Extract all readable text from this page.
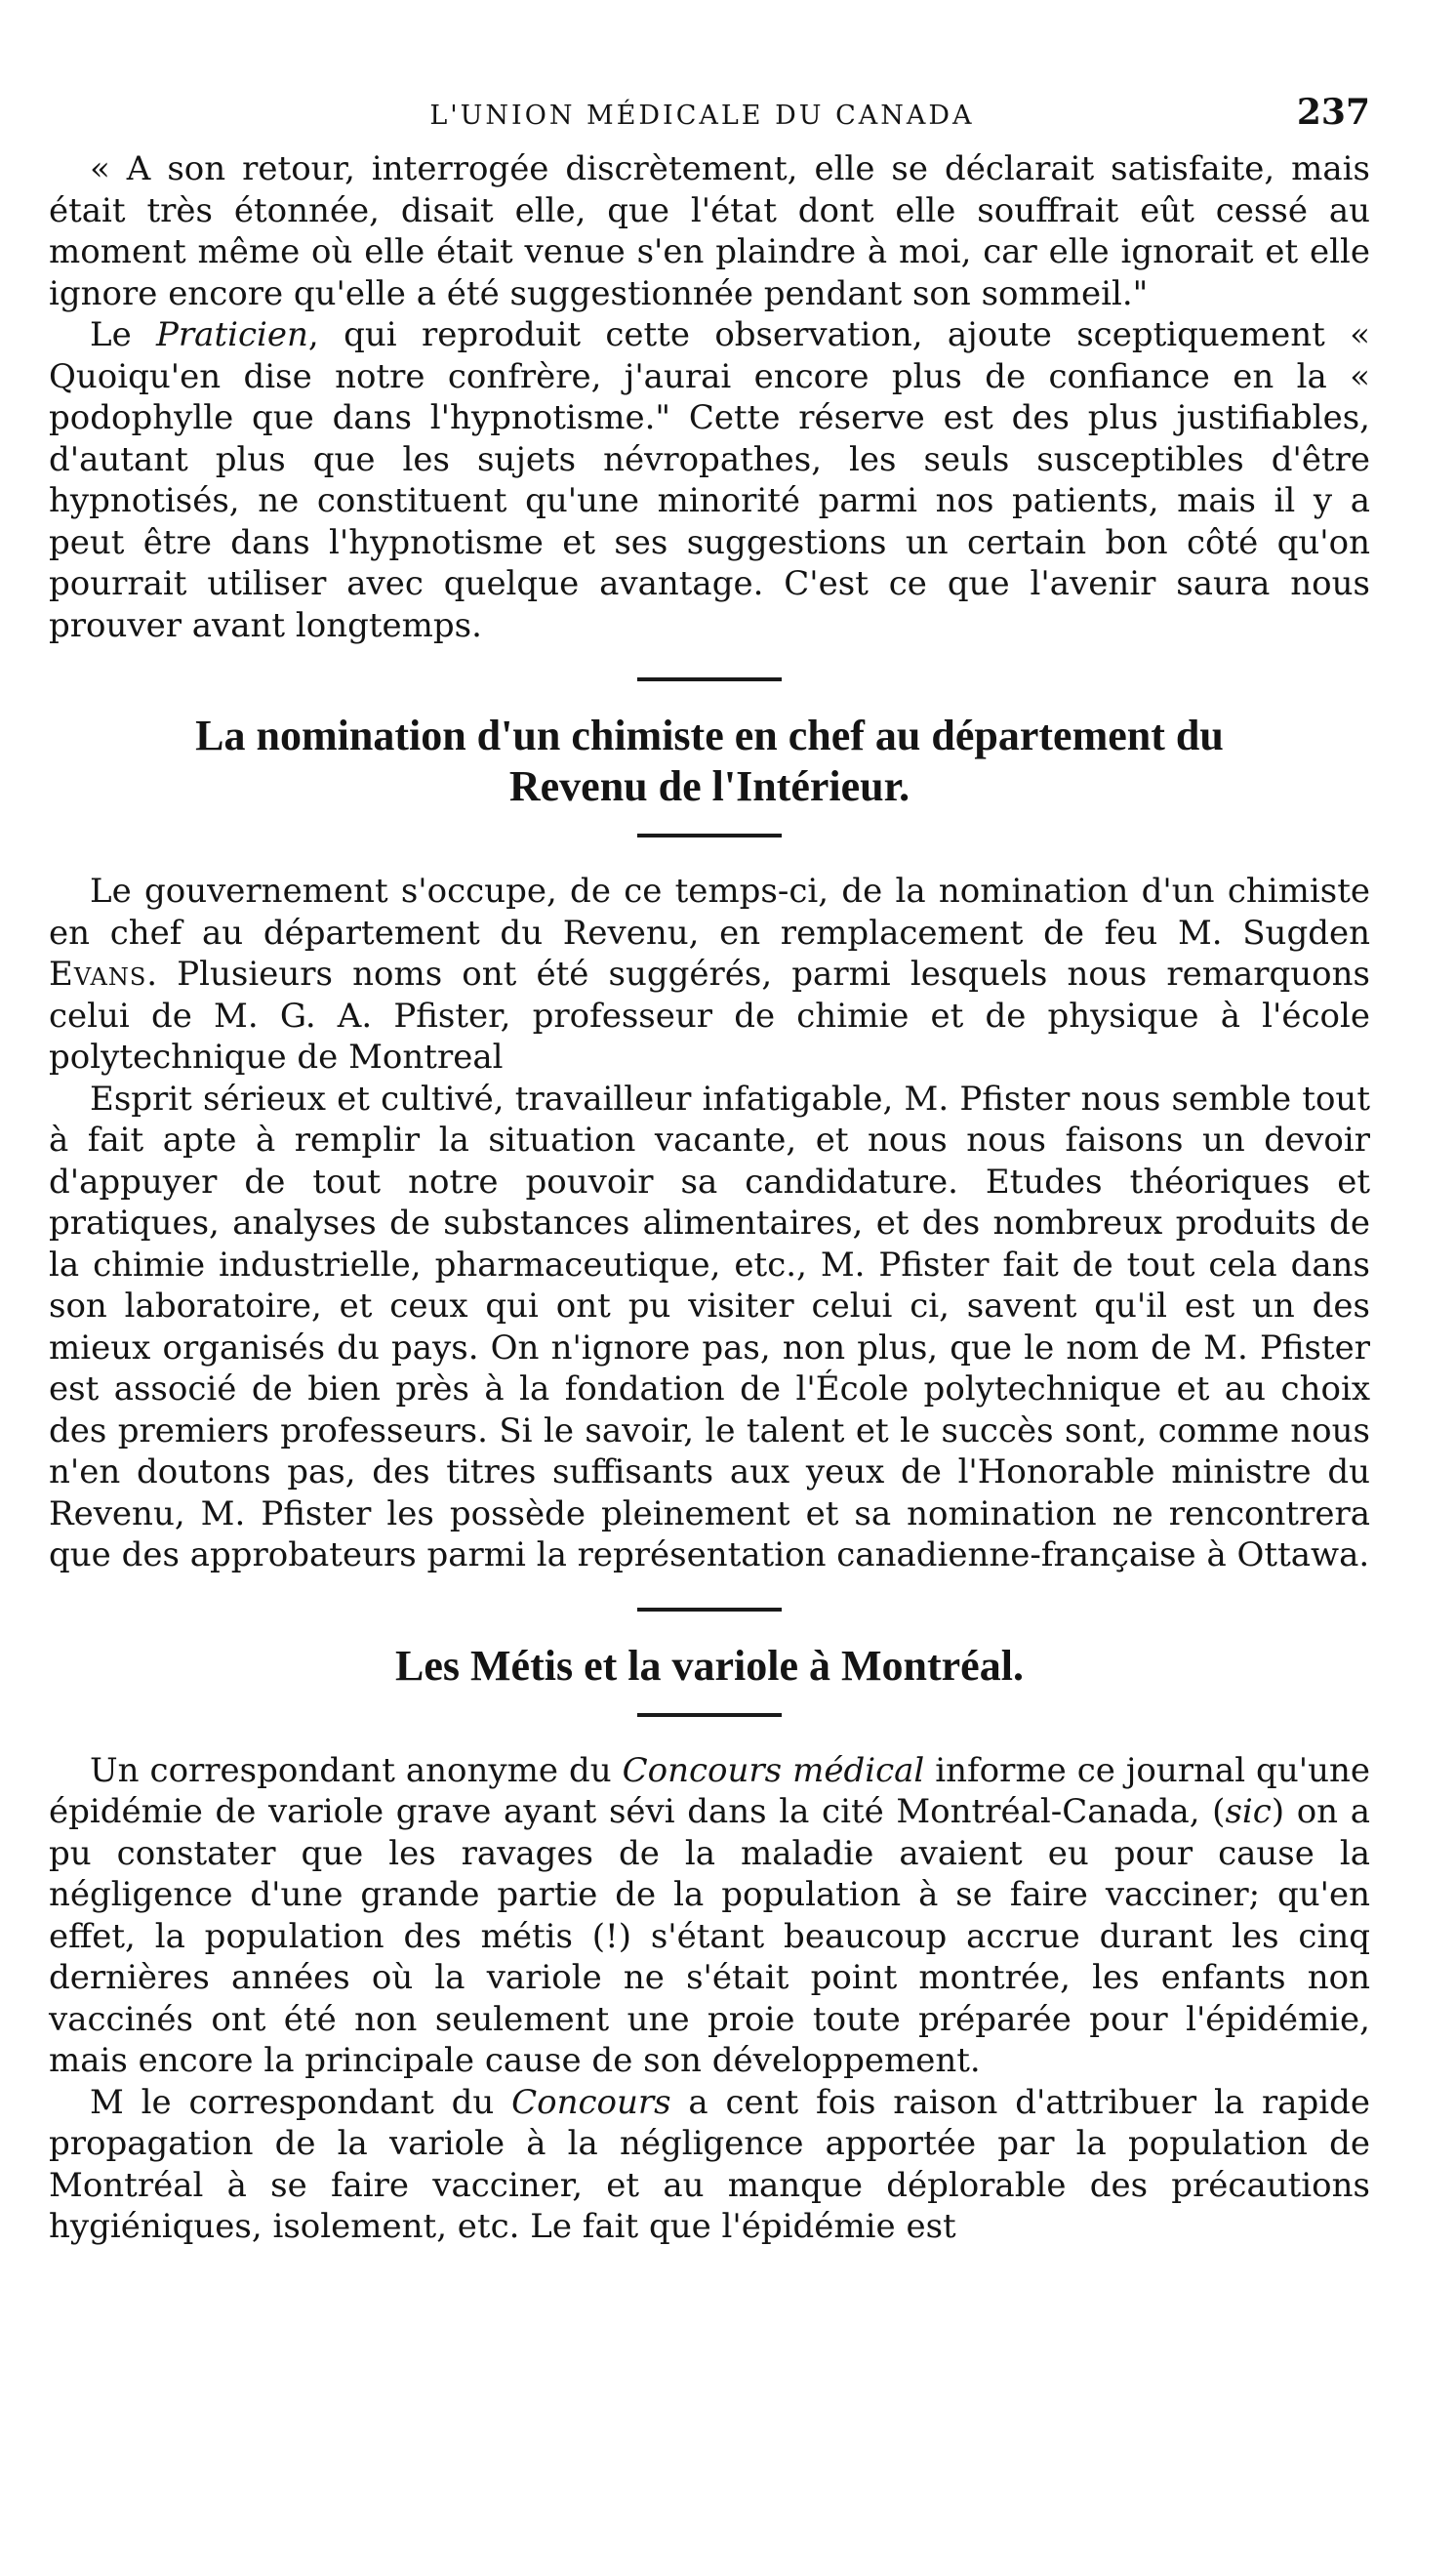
L'UNION MÉDICALE DU CANADA	237

« A son retour, interrogée discrètement, elle se déclarait satisfaite, mais était très étonnée, disait elle, que l'état dont elle souffrait eût cessé au moment même où elle était venue s'en plaindre à moi, car elle ignorait et elle ignore encore qu'elle a été suggestionnée pendant son sommeil."

Le Praticien, qui reproduit cette observation, ajoute sceptiquement « Quoiqu'en dise notre confrère, j'aurai encore plus de confiance en la « podophylle que dans l'hypnotisme." Cette réserve est des plus justifiables, d'autant plus que les sujets névropathes, les seuls susceptibles d'être hypnotisés, ne constituent qu'une minorité parmi nos patients, mais il y a peut être dans l'hypnotisme et ses suggestions un certain bon côté qu'on pourrait utiliser avec quelque avantage. C'est ce que l'avenir saura nous prouver avant longtemps.

La nomination d'un chimiste en chef au département du
Revenu de l'Intérieur.

Le gouvernement s'occupe, de ce temps-ci, de la nomination d'un chimiste en chef au département du Revenu, en remplacement de feu M. Sugden Evans. Plusieurs noms ont été suggérés, parmi lesquels nous remarquons celui de M. G. A. Pfister, professeur de chimie et de physique à l'école polytechnique de Montreal

Esprit sérieux et cultivé, travailleur infatigable, M. Pfister nous semble tout à fait apte à remplir la situation vacante, et nous nous faisons un devoir d'appuyer de tout notre pouvoir sa candidature. Etudes théoriques et pratiques, analyses de substances alimentaires, et des nombreux produits de la chimie industrielle, pharmaceutique, etc., M. Pfister fait de tout cela dans son laboratoire, et ceux qui ont pu visiter celui ci, savent qu'il est un des mieux organisés du pays. On n'ignore pas, non plus, que le nom de M. Pfister est associé de bien près à la fondation de l'École polytechnique et au choix des premiers professeurs. Si le savoir, le talent et le succès sont, comme nous n'en doutons pas, des titres suffisants aux yeux de l'Honorable ministre du Revenu, M. Pfister les possède pleinement et sa nomination ne rencontrera que des approbateurs parmi la représentation canadienne-française à Ottawa.

Les Métis et la variole à Montréal.

Un correspondant anonyme du Concours médical informe ce journal qu'une épidémie de variole grave ayant sévi dans la cité Montréal-Canada, (sic) on a pu constater que les ravages de la maladie avaient eu pour cause la négligence d'une grande partie de la population à se faire vacciner; qu'en effet, la population des métis (!) s'étant beaucoup accrue durant les cinq dernières années où la variole ne s'était point montrée, les enfants non vaccinés ont été non seulement une proie toute préparée pour l'épidémie, mais encore la principale cause de son développement.

M le correspondant du Concours a cent fois raison d'attribuer la rapide propagation de la variole à la négligence apportée par la population de Montréal à se faire vacciner, et au manque déplorable des précautions hygiéniques, isolement, etc. Le fait que l'épidémie est
